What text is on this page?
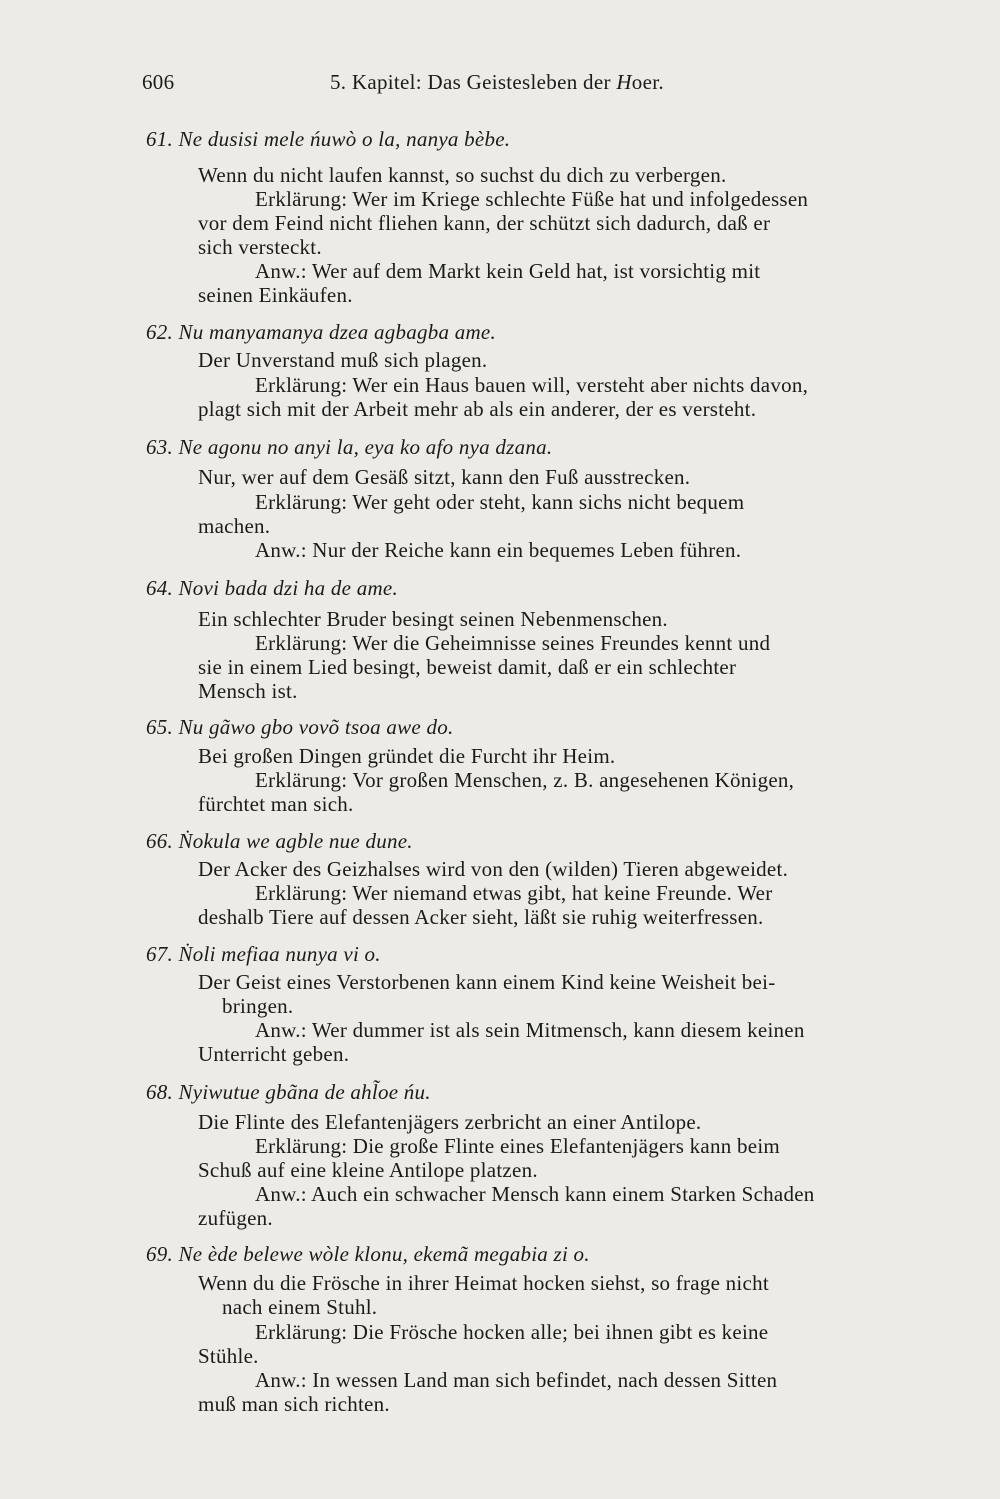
606	5. Kapitel: Das Geistesleben der Hoer.
61. Ne dusisi mele ńuwò o la, nanya bèbe.
Wenn du nicht laufen kannst, so suchst du dich zu verbergen.
Erklärung: Wer im Kriege schlechte Füße hat und infolgedessen
vor dem Feind nicht fliehen kann, der schützt sich dadurch, daß er
sich versteckt.
Anw.: Wer auf dem Markt kein Geld hat, ist vorsichtig mit
seinen Einkäufen.
62. Nu manyamanya dzea agbagba ame.
Der Unverstand muß sich plagen.
Erklärung: Wer ein Haus bauen will, versteht aber nichts davon,
plagt sich mit der Arbeit mehr ab als ein anderer, der es versteht.
63. Ne agonu no anyi la, eya ko afo nya dzana.
Nur, wer auf dem Gesäß sitzt, kann den Fuß ausstrecken.
Erklärung: Wer geht oder steht, kann sichs nicht bequem
machen.
Anw.: Nur der Reiche kann ein bequemes Leben führen.
64. Novi bada dzi ha de ame.
Ein schlechter Bruder besingt seinen Nebenmenschen.
Erklärung: Wer die Geheimnisse seines Freundes kennt und
sie in einem Lied besingt, beweist damit, daß er ein schlechter
Mensch ist.
65. Nu gãwo gbo vovõ tsoa awe do.
Bei großen Dingen gründet die Furcht ihr Heim.
Erklärung: Vor großen Menschen, z. B. angesehenen Königen,
fürchtet man sich.
66. Ṅokula we agble nue dune.
Der Acker des Geizhalses wird von den (wilden) Tieren abgeweidet.
Erklärung: Wer niemand etwas gibt, hat keine Freunde. Wer
deshalb Tiere auf dessen Acker sieht, läßt sie ruhig weiterfressen.
67. Ṅoli mefiaa nunya vi o.
Der Geist eines Verstorbenen kann einem Kind keine Weisheit bei-
bringen.
Anw.: Wer dummer ist als sein Mitmensch, kann diesem keinen
Unterricht geben.
68. Nyiwutue gbãna de ahl̃oe ńu.
Die Flinte des Elefantenjägers zerbricht an einer Antilope.
Erklärung: Die große Flinte eines Elefantenjägers kann beim
Schuß auf eine kleine Antilope platzen.
Anw.: Auch ein schwacher Mensch kann einem Starken Schaden
zufügen.
69. Ne ède belewe wòle klonu, ekemã megabia zi o.
Wenn du die Frösche in ihrer Heimat hocken siehst, so frage nicht
nach einem Stuhl.
Erklärung: Die Frösche hocken alle; bei ihnen gibt es keine
Stühle.
Anw.: In wessen Land man sich befindet, nach dessen Sitten
muß man sich richten.
